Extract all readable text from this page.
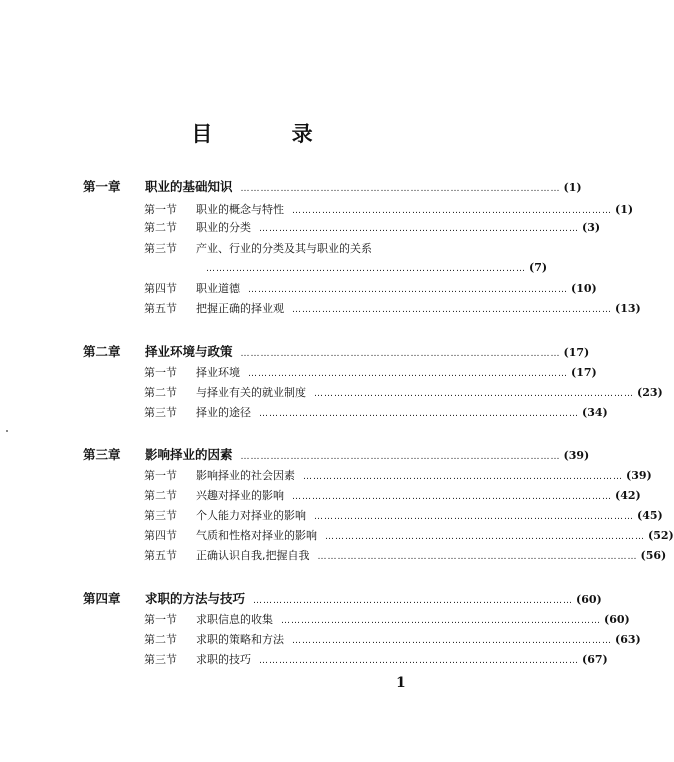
目 录
第一章	职业的基础知识 …………………………………………………………………………………… (1)
第一节	职业的概念与特性 …………………………………………………………………………………… (1)
第二节	职业的分类 …………………………………………………………………………………… (3)
第三节	产业、行业的分类及其与职业的关系
…………………………………………………………………………………… (7)
第四节	职业道德 …………………………………………………………………………………… (10)
第五节	把握正确的择业观 …………………………………………………………………………………… (13)
第二章	择业环境与政策 …………………………………………………………………………………… (17)
第一节	择业环境 …………………………………………………………………………………… (17)
第二节	与择业有关的就业制度 …………………………………………………………………………………… (23)
第三节	择业的途径 …………………………………………………………………………………… (34)
第三章	影响择业的因素 …………………………………………………………………………………… (39)
第一节	影响择业的社会因素 …………………………………………………………………………………… (39)
第二节	兴趣对择业的影响 …………………………………………………………………………………… (42)
第三节	个人能力对择业的影响 …………………………………………………………………………………… (45)
第四节	气质和性格对择业的影响 …………………………………………………………………………………… (52)
第五节	正确认识自我,把握自我 …………………………………………………………………………………… (56)
第四章	求职的方法与技巧 …………………………………………………………………………………… (60)
第一节	求职信息的收集 …………………………………………………………………………………… (60)
第二节	求职的策略和方法 …………………………………………………………………………………… (63)
第三节	求职的技巧 …………………………………………………………………………………… (67)
1
